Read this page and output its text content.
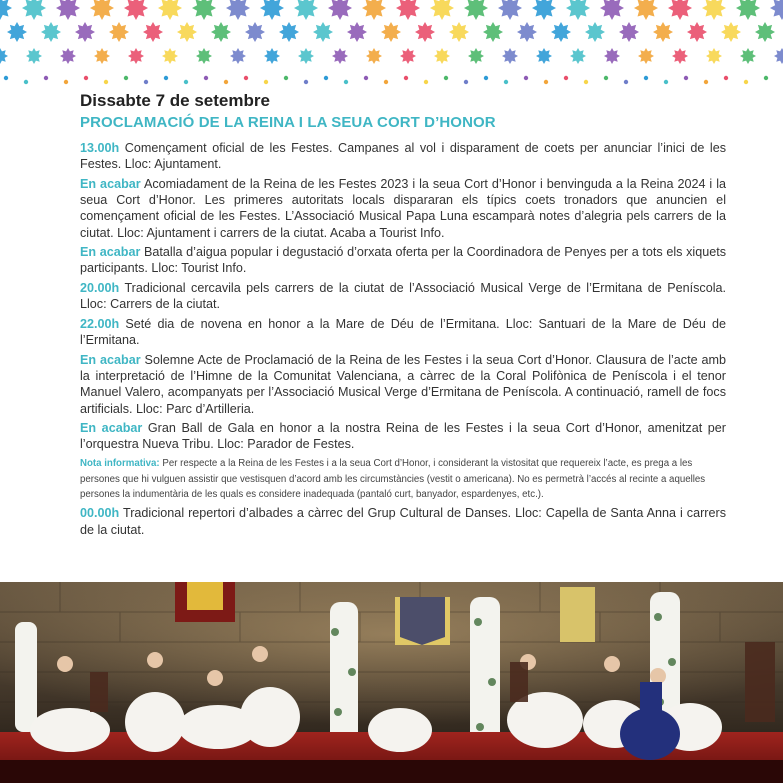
Dissabte 7 de setembre
PROCLAMACIÓ DE LA REINA I LA SEUA CORT D’HONOR

13.00h Començament oficial de les Festes. Campanes al vol i disparament de coets per anunciar l’inici de les Festes. Lloc: Ajuntament.

En acabar Acomiadament de la Reina de les Festes 2023 i la seua Cort d’Honor i benvinguda a la Reina 2024 i la seua Cort d’Honor. Les primeres autoritats locals dispararan els típics coets tronadors que anuncien el començament oficial de les Festes. L’Associació Musical Papa Luna escamparà notes d’alegria pels carrers de la ciutat. Lloc: Ajuntament i carrers de la ciutat. Acaba a Tourist Info.

En acabar Batalla d’aigua popular i degustació d’orxata oferta per la Coordinadora de Penyes per a tots els xiquets participants. Lloc: Tourist Info.

20.00h Tradicional cercavila pels carrers de la ciutat de l’Associació Musical Verge de l’Ermitana de Peníscola. Lloc: Carrers de la ciutat.

22.00h Seté dia de novena en honor a la Mare de Déu de l’Ermitana. Lloc: Santuari de la Mare de Déu de l’Ermitana.

En acabar Solemne Acte de Proclamació de la Reina de les Festes i la seua Cort d’Honor. Clausura de l’acte amb la interpretació de l’Himne de la Comunitat Valenciana, a càrrec de la Coral Polifònica de Peníscola i el tenor Manuel Valero, acompanyats per l’Associació Musical Verge d’Ermitana de Peníscola. A continuació, ramell de focs artificials. Lloc: Parc d’Artilleria.

En acabar Gran Ball de Gala en honor a la nostra Reina de les Festes i la seua Cort d’Honor, amenitzat per l’orquestra Nueva Tribu. Lloc: Parador de Festes.

Nota informativa: Per respecte a la Reina de les Festes i a la seua Cort d’Honor, i considerant la vistositat que requereix l’acte, es prega a les persones que hi vulguen assistir que vestisquen d’acord amb les circumstàncies (vestit o americana). No es permetrà l’accés al recinte a aquelles persones la indumentària de les quals es considere inadequada (pantaló curt, banyador, espardenyes, etc.).

00.00h Tradicional repertori d’albades a càrrec del Grup Cultural de Danses. Lloc: Capella de Santa Anna i carrers de la ciutat.
